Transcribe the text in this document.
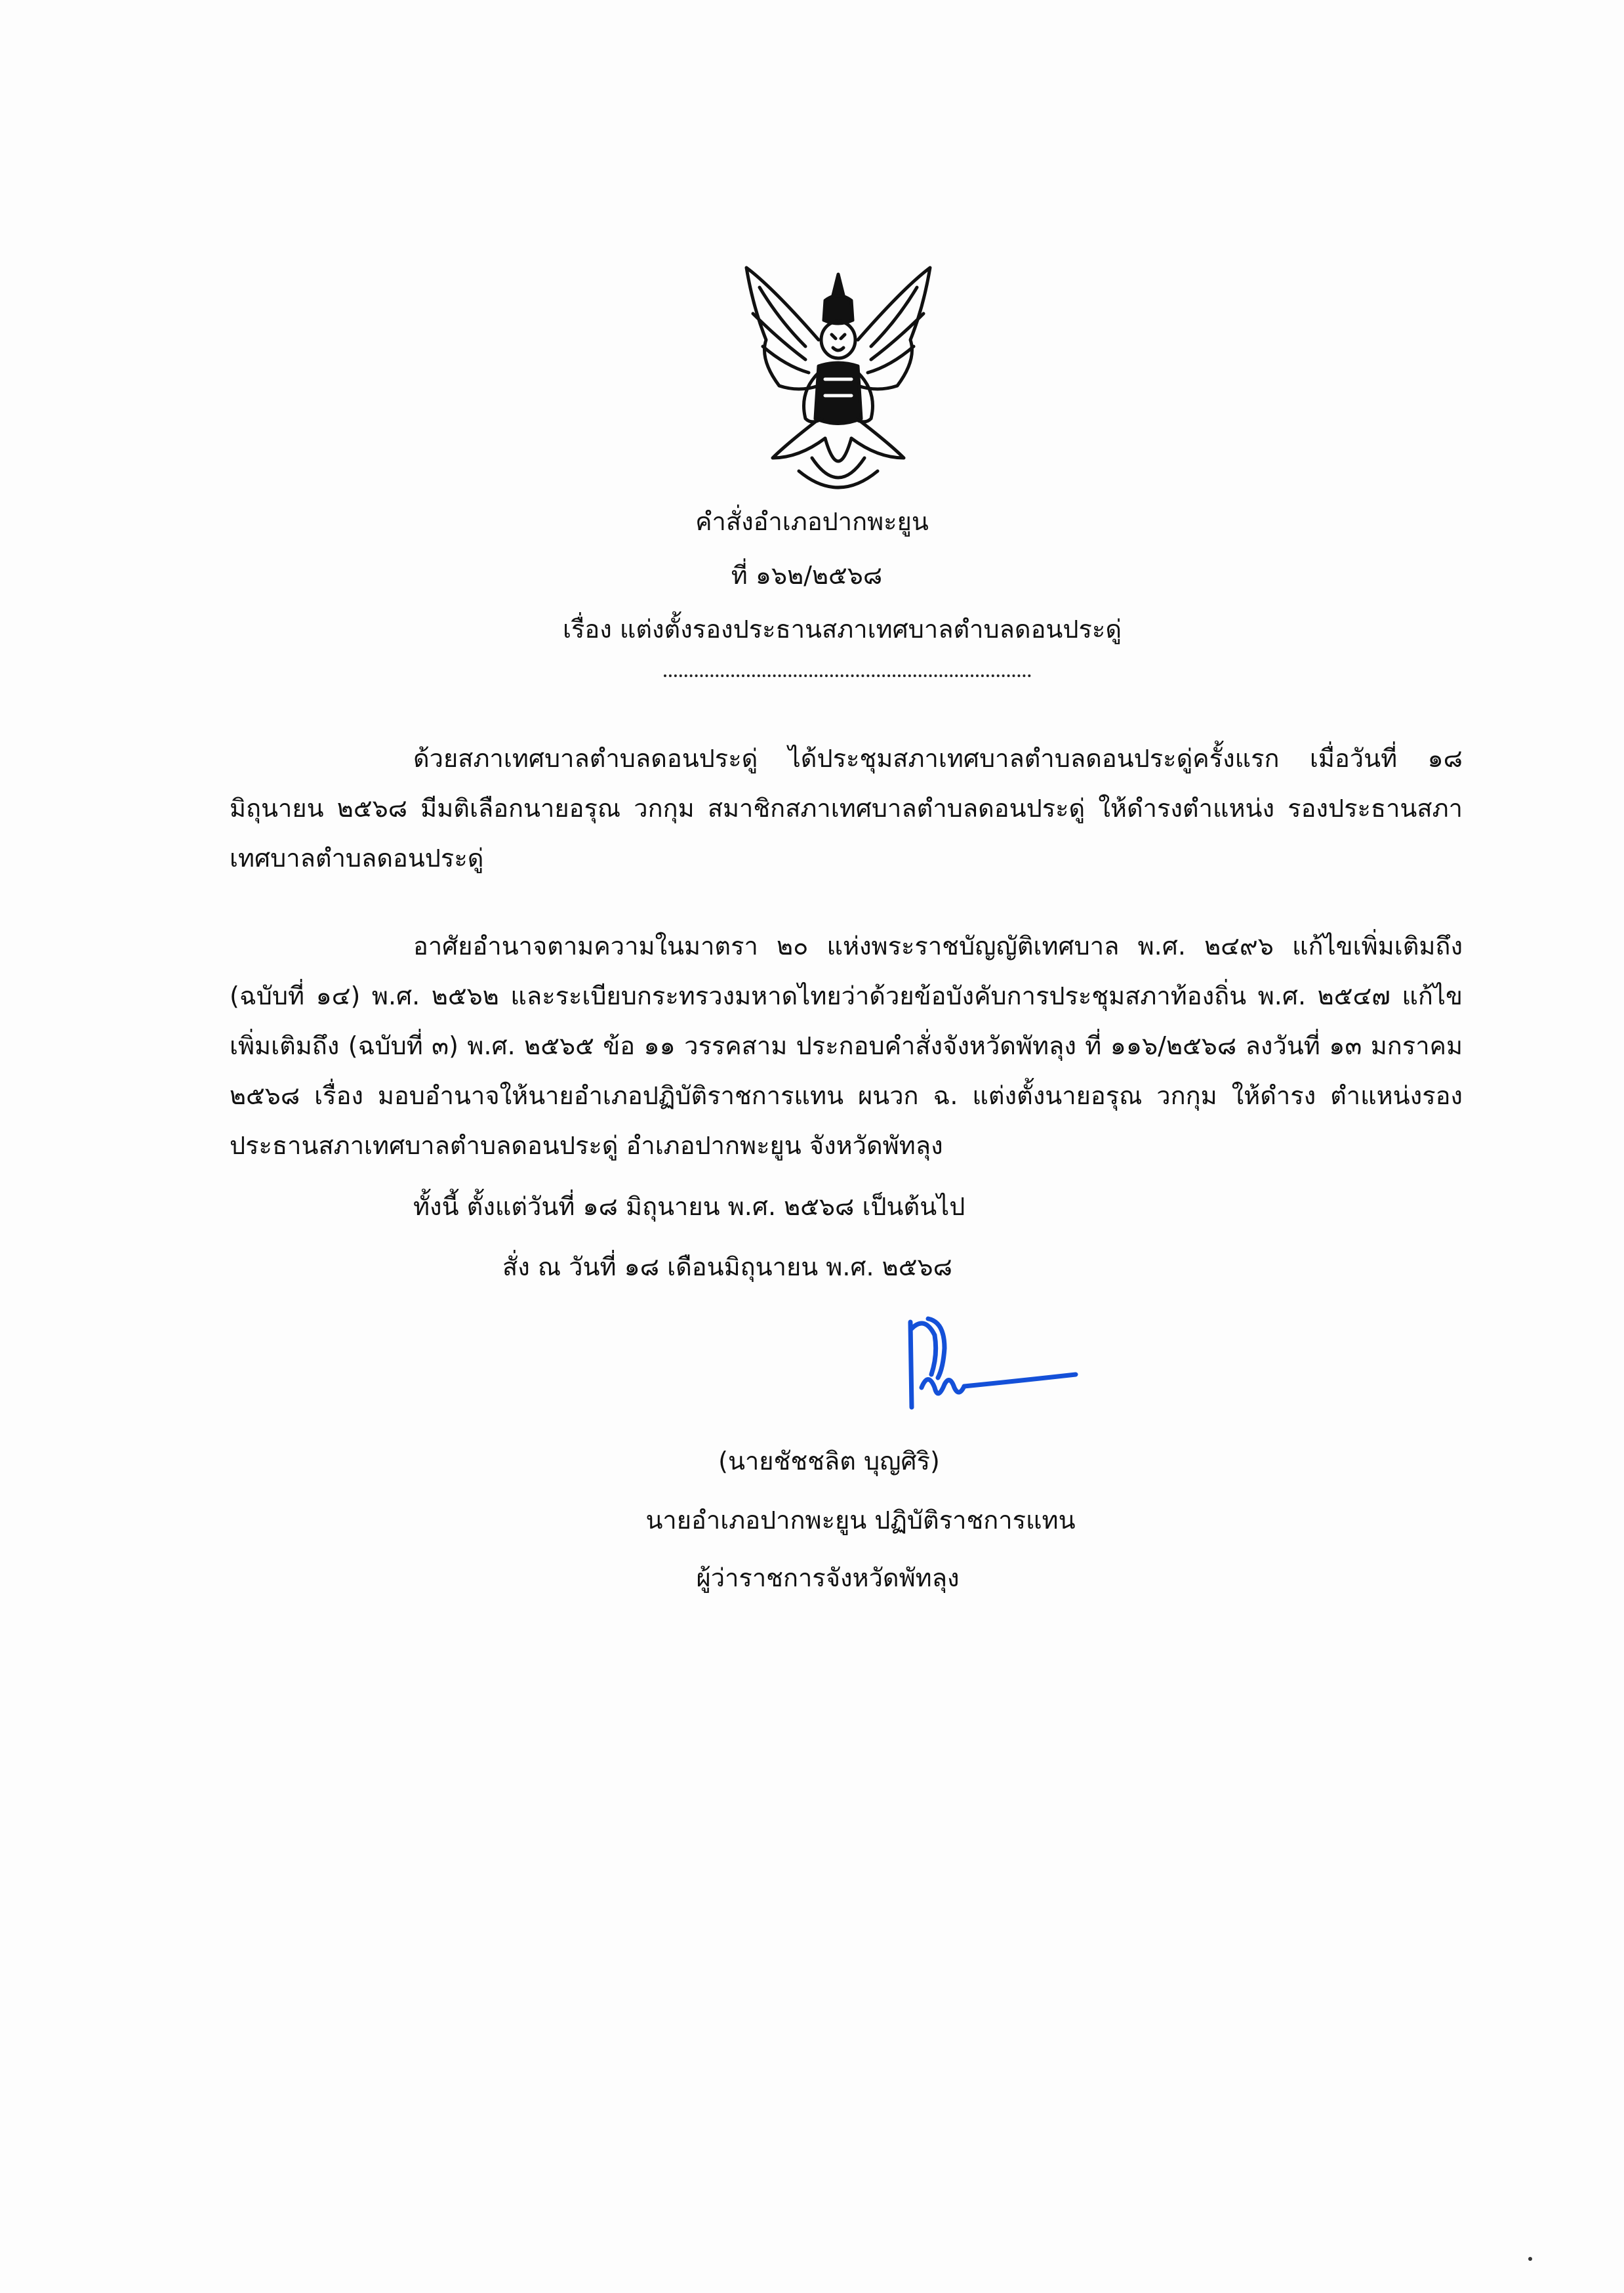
คำสั่งอำเภอปากพะยูน
ที่ ๑๖๒/๒๕๖๘
เรื่อง แต่งตั้งรองประธานสภาเทศบาลตำบลดอนประดู่
ด้วยสภาเทศบาลตำบลดอนประดู่ ได้ประชุมสภาเทศบาลตำบลดอนประดู่ครั้งแรก เมื่อวันที่ ๑๘ มิถุนายน ๒๕๖๘ มีมติเลือกนายอรุณ วกกุม สมาชิกสภาเทศบาลตำบลดอนประดู่ ให้ดำรงตำแหน่ง รองประธานสภาเทศบาลตำบลดอนประดู่
อาศัยอำนาจตามความในมาตรา ๒๐ แห่งพระราชบัญญัติเทศบาล พ.ศ. ๒๔๙๖ แก้ไขเพิ่มเติมถึง (ฉบับที่ ๑๔) พ.ศ. ๒๕๖๒ และระเบียบกระทรวงมหาดไทยว่าด้วยข้อบังคับการประชุมสภาท้องถิ่น พ.ศ. ๒๕๔๗ แก้ไขเพิ่มเติมถึง (ฉบับที่ ๓) พ.ศ. ๒๕๖๕ ข้อ ๑๑ วรรคสาม ประกอบคำสั่งจังหวัดพัทลุง ที่ ๑๑๖/๒๕๖๘ ลงวันที่ ๑๓ มกราคม ๒๕๖๘ เรื่อง มอบอำนาจให้นายอำเภอปฏิบัติราชการแทน ผนวก ฉ. แต่งตั้งนายอรุณ วกกุม ให้ดำรง ตำแหน่งรองประธานสภาเทศบาลตำบลดอนประดู่ อำเภอปากพะยูน จังหวัดพัทลุง
ทั้งนี้ ตั้งแต่วันที่ ๑๘ มิถุนายน พ.ศ. ๒๕๖๘ เป็นต้นไป
สั่ง ณ วันที่ ๑๘ เดือนมิถุนายน พ.ศ. ๒๕๖๘
(นายชัชชลิต บุญศิริ)
นายอำเภอปากพะยูน ปฏิบัติราชการแทน
ผู้ว่าราชการจังหวัดพัทลุง
